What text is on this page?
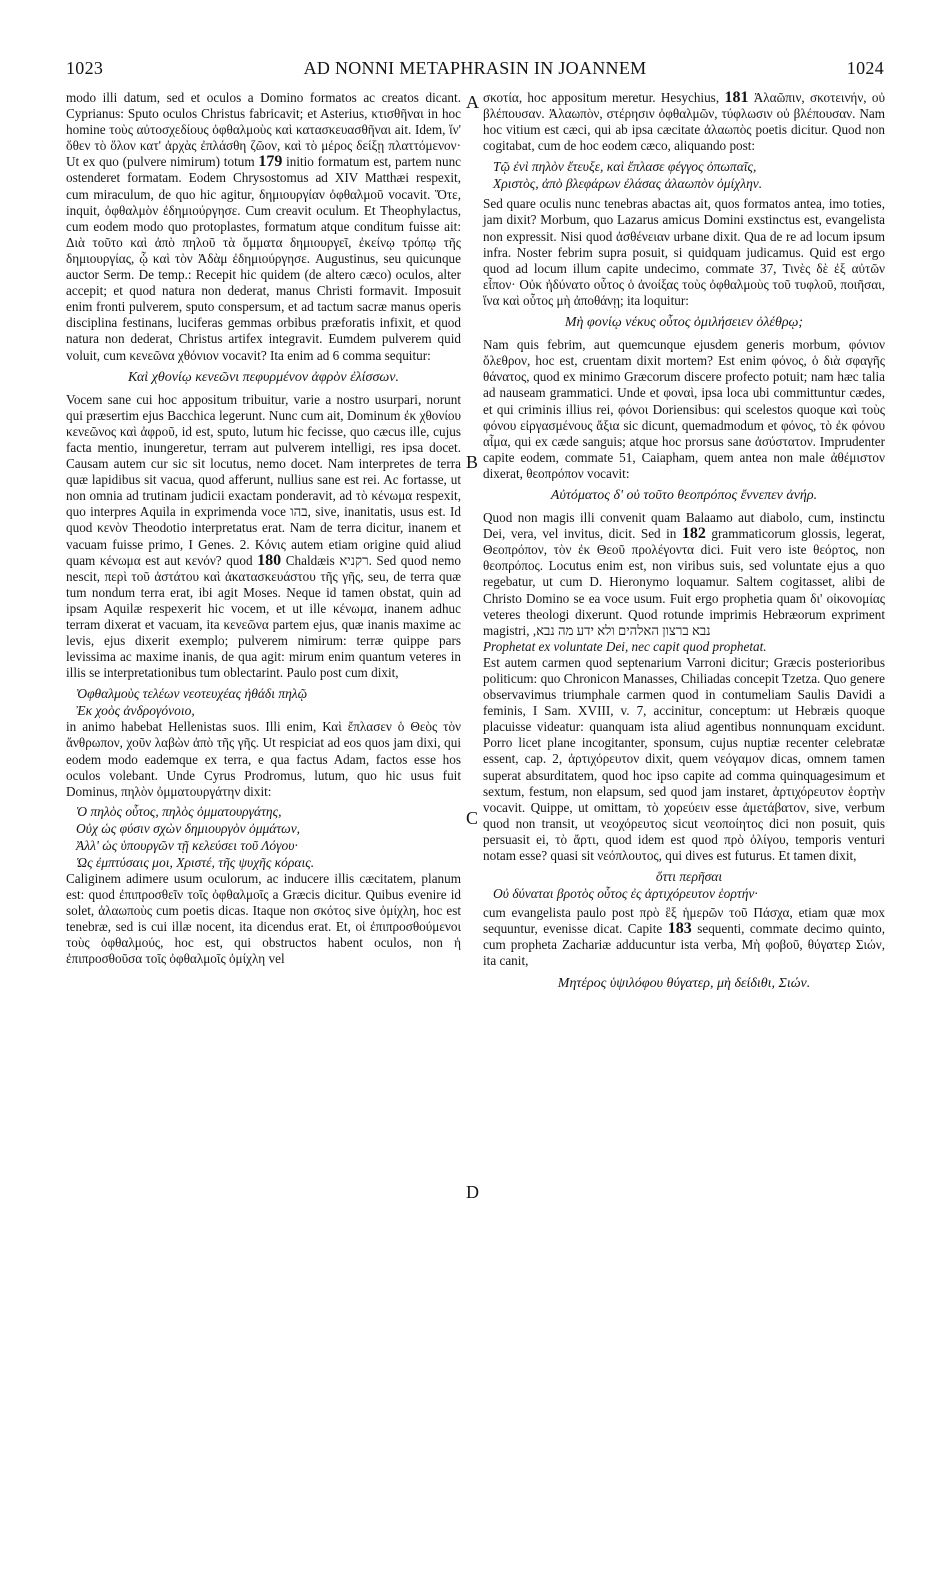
1023	AD NONNI METAPHRASIN IN JOANNEM	1024
A
B
C
D

modo illi datum, sed et oculos a Domino formatos ac creatos dicant. Cyprianus: Sputo oculos Christus fabricavit; et Asterius, κτισθῆναι in hoc homine τοὺς αὐτοσχεδίους ὀφθαλμοὺς καὶ κατασκευασθῆναι ait. Idem, ἵν' ὅθεν τὸ ὅλον κατ' ἀρχὰς ἐπλάσθη ζῶον, καὶ τὸ μέρος δείξῃ πλαττόμενον· Ut ex quo (pulvere nimirum) totum 179 initio formatum est, partem nunc ostenderet formatam. Eodem Chrysostomus ad XIV Matthæi respexit, cum miraculum, de quo hic agitur, δημιουργίαν ὀφθαλμοῦ vocavit. Ὅτε, inquit, ὀφθαλμὸν ἐδημιούργησε. Cum creavit oculum. Et Theophylactus, cum eodem modo quo protoplastes, formatum atque conditum fuisse ait: Διὰ τοῦτο καὶ ἀπὸ πηλοῦ τὰ ὄμματα δημιουργεῖ, ἐκείνῳ τρόπῳ τῆς δημιουργίας, ᾧ καὶ τὸν Ἀδὰμ ἐδημιούργησε. Augustinus, seu quicunque auctor Serm. De temp.: Recepit hic quidem (de altero cæco) oculos, alter accepit; et quod natura non dederat, manus Christi formavit. Imposuit enim fronti pulverem, sputo conspersum, et ad tactum sacræ manus operis disciplina festinans, luciferas gemmas orbibus præforatis infixit, et quod natura non dederat, Christus artifex integravit. Eumdem pulverem quid voluit, cum κενεῶνα χθόνιον vocavit? Ita enim ad 6 comma sequitur:

Καὶ χθονίῳ κενεῶνι πεφυρμένον ἀφρὸν ἐλίσσων.

Vocem sane cui hoc appositum tribuitur, varie a nostro usurpari, norunt qui præsertim ejus Bacchica legerunt. Nunc cum ait, Dominum ἐκ χθονίου κενεῶνος καὶ ἀφροῦ, id est, sputo, lutum hic fecisse, quo cæcus ille, cujus facta mentio, inungeretur, terram aut pulverem intelligi, res ipsa docet. Causam autem cur sic sit locutus, nemo docet. Nam interpretes de terra quæ lapidibus sit vacua, quod afferunt, nullius sane est rei. Ac fortasse, ut non omnia ad trutinam judicii exactam ponderavit, ad τὸ κένωμα respexit, quo interpres Aquila in exprimenda voce בהו, sive, inanitatis, usus est. Id quod κενὸν Theodotio interpretatus erat. Nam de terra dicitur, inanem et vacuam fuisse primo, I Genes. 2. Κόνις autem etiam origine quid aliud quam κένωμα est aut κενόν? quod 180 Chaldæis רקניא. Sed quod nemo nescit, περὶ τοῦ ἀστάτου καὶ ἀκατασκευάστου τῆς γῆς, seu, de terra quæ tum nondum terra erat, ibi agit Moses. Neque id tamen obstat, quin ad ipsam Aquilæ respexerit hic vocem, et ut ille κένωμα, inanem adhuc terram dixerat et vacuam, ita κενεῶνα partem ejus, quæ inanis maxime ac levis, ejus dixerit exemplo; pulverem nimirum: terræ quippe pars levissima ac maxime inanis, de qua agit: mirum enim quantum veteres in illis se interpretationibus tum oblectarint. Paulo post cum dixit,

Ὀφθαλμοὺς τελέων νεοτευχέας ἠθάδι πηλῷ

Ἐκ χοὸς ἀνδρογόνοιο,

in animo habebat Hellenistas suos. Illi enim, Καὶ ἔπλασεν ὁ Θεὸς τὸν ἄνθρωπον, χοῦν λαβὼν ἀπὸ τῆς γῆς. Ut respiciat ad eos quos jam dixi, qui eodem modo eademque ex terra, e qua factus Adam, factos esse hos oculos volebant. Unde Cyrus Prodromus, lutum, quo hic usus fuit Dominus, πηλὸν ὀμματουργάτην dixit:

Ὁ πηλὸς οὗτος, πηλὸς ὀμματουργάτης,

Οὐχ ὡς φύσιν σχὼν δημιουργὸν ὀμμάτων,

Ἀλλ' ὡς ὑπουργῶν τῇ κελεύσει τοῦ Λόγου·

Ὡς ἐμπτύσαις μοι, Χριστέ, τῆς ψυχῆς κόραις.

Caliginem adimere usum oculorum, ac inducere illis cæcitatem, planum est: quod ἐπιπροσθεῖν τοῖς ὀφθαλμοῖς a Græcis dicitur. Quibus evenire id solet, ἀλαωποὺς cum poetis dicas. Itaque non σκότος sive ὀμίχλη, hoc est tenebræ, sed is cui illæ nocent, ita dicendus erat. Et, οἱ ἐπιπροσθούμενοι τοὺς ὀφθαλμούς, hoc est, qui obstructos habent oculos, non ἡ ἐπιπροσθοῦσα τοῖς ὀφθαλμοῖς ὀμίχλη vel

σκοτία, hoc appositum meretur. Hesychius, 181 Ἀλαῶπιν, σκοτεινήν, οὐ βλέπουσαν. Ἀλαωπὸν, στέρησιν ὀφθαλμῶν, τύφλωσιν οὐ βλέπουσαν. Nam hoc vitium est cæci, qui ab ipsa cæcitate ἀλαωπὸς poetis dicitur. Quod non cogitabat, cum de hoc eodem cæco, aliquando post:

Τῷ ἐνὶ πηλὸν ἔτευξε, καὶ ἔπλασε φέγγος ὀπωπαῖς,

Χριστὸς, ἀπὸ βλεφάρων ἐλάσας ἀλαωπὸν ὀμίχλην.

Sed quare oculis nunc tenebras abactas ait, quos formatos antea, imo toties, jam dixit? Morbum, quo Lazarus amicus Domini exstinctus est, evangelista non expressit. Nisi quod ἀσθένειαν urbane dixit. Qua de re ad locum ipsum infra. Noster febrim supra posuit, si quidquam judicamus. Quid est ergo quod ad locum illum capite undecimo, commate 37, Τινὲς δὲ ἐξ αὐτῶν εἶπον· Οὐκ ἠδύνατο οὗτος ὁ ἀνοίξας τοὺς ὀφθαλμοὺς τοῦ τυφλοῦ, ποιῆσαι, ἵνα καὶ οὗτος μὴ ἀποθάνῃ; ita loquitur:

Μὴ φονίῳ νέκυς οὗτος ὁμιλήσειεν ὀλέθρῳ;

Nam quis febrim, aut quemcunque ejusdem generis morbum, φόνιον ὄλεθρον, hoc est, cruentam dixit mortem? Est enim φόνος, ὁ διὰ σφαγῆς θάνατος, quod ex minimo Græcorum discere profecto potuit; nam hæc talia ad nauseam grammatici. Unde et φοναὶ, ipsa loca ubi committuntur cædes, et qui criminis illius rei, φόνοι Doriensibus: qui scelestos quoque καὶ τοὺς φόνου εἰργασμένους ἄξια sic dicunt, quemadmodum et φόνος, τὸ ἐκ φόνου αἷμα, qui ex cæde sanguis; atque hoc prorsus sane ἀσύστατον. Imprudenter capite eodem, commate 51, Caiapham, quem antea non male ἀθέμιστον dixerat, θεοπρόπον vocavit:

Αὐτόματος δ' οὐ τοῦτο θεοπρόπος ἔννεπεν ἀνήρ.

Quod non magis illi convenit quam Balaamo aut diabolo, cum, instinctu Dei, vera, vel invitus, dicit. Sed in 182 grammaticorum glossis, legerat, Θεοπρόπον, τὸν ἐκ Θεοῦ προλέγοντα dici. Fuit vero iste θεόρτος, non θεοπρόπος. Locutus enim est, non viribus suis, sed voluntate ejus a quo regebatur, ut cum D. Hieronymo loquamur. Saltem cogitasset, alibi de Christo Domino se ea voce usum. Fuit ergo prophetia quam δι' οἰκονομίας veteres theologi dixerunt. Quod rotunde imprimis Hebræorum expriment magistri, נבא ברצון האלהים ולא ידע מה נבא,

Prophetat ex voluntate Dei, nec capit quod prophetat.

Est autem carmen quod septenarium Varroni dicitur; Græcis posterioribus politicum: quo Chronicon Manasses, Chiliadas concepit Tzetza. Quo genere observavimus triumphale carmen quod in contumeliam Saulis Davidi a feminis, I Sam. XVIII, v. 7, accinitur, conceptum: ut Hebræis quoque placuisse videatur: quanquam ista aliud agentibus nonnunquam excidunt. Porro licet plane incogitanter, sponsum, cujus nuptiæ recenter celebratæ essent, cap. 2, ἀρτιχόρευτον dixit, quem νεόγαμον dicas, omnem tamen superat absurditatem, quod hoc ipso capite ad comma quinquagesimum et sextum, festum, non elapsum, sed quod jam instaret, ἀρτιχόρευτον ἑορτὴν vocavit. Quippe, ut omittam, τὸ χορεύειν esse ἀμετάβατον, sive, verbum quod non transit, ut νεοχόρευτος sicut νεοποίητος dici non posuit, quis persuasit ei, τὸ ἄρτι, quod idem est quod πρὸ ὀλίγου, temporis venturi notam esse? quasi sit νεόπλουτος, qui dives est futurus. Et tamen dixit,

ὅττι περῆσαι

Οὐ δύναται βροτὸς οὗτος ἐς ἀρτιχόρευτον ἑορτήν·

cum evangelista paulo post πρὸ ἓξ ἡμερῶν τοῦ Πάσχα, etiam quæ mox sequuntur, evenisse dicat. Capite 183 sequenti, commate decimo quinto, cum propheta Zachariæ adducuntur ista verba, Μὴ φοβοῦ, θύγατερ Σιών, ita canit,

Μητέρος ὑψιλόφου θύγατερ, μὴ δείδιθι, Σιών.
